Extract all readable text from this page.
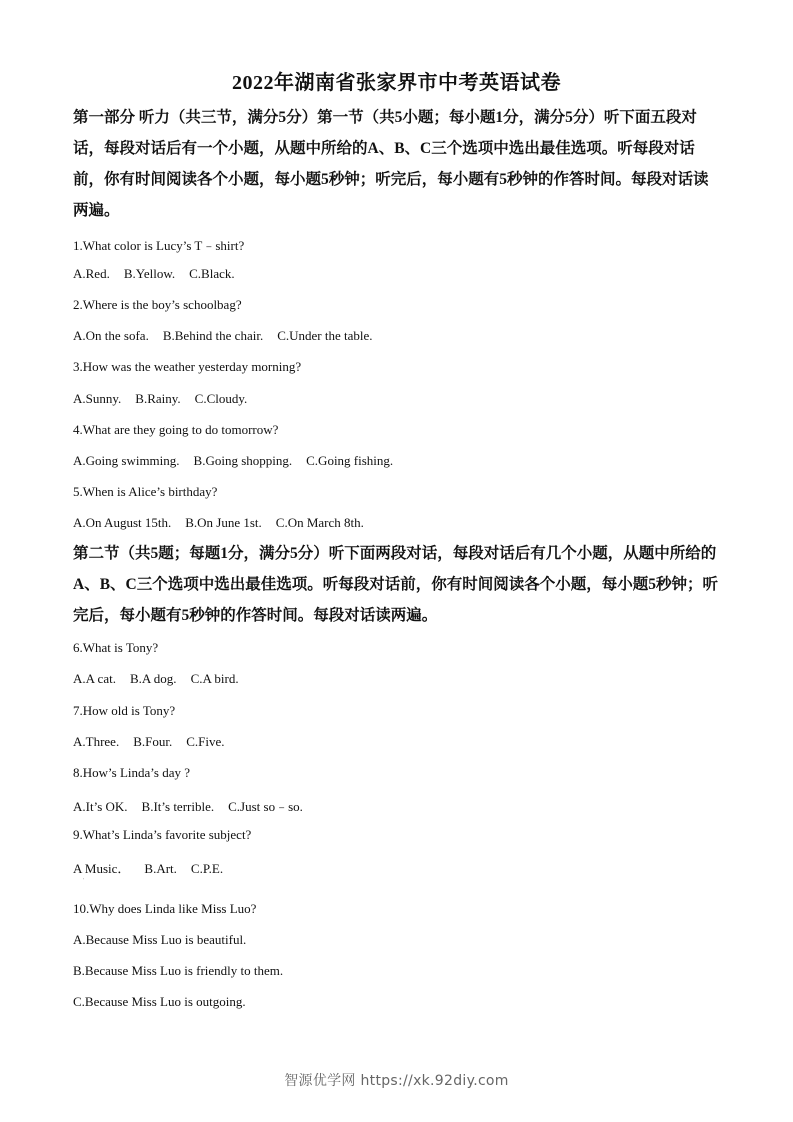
2022年湖南省张家界市中考英语试卷
第一部分 听力（共三节，满分5分）第一节（共5小题；每小题1分，满分5分）听下面五段对话，每段对话后有一个小题，从题中所给的A、B、C三个选项中选出最佳选项。听每段对话前，你有时间阅读各个小题，每小题5秒钟；听完后，每小题有5秒钟的作答时间。每段对话读两遍。
1.What color is Lucy’s T﹣shirt?
A.Red. B.Yellow. C.Black.
2.Where is the boy’s schoolbag?
A.On the sofa. B.Behind the chair. C.Under the table.
3.How was the weather yesterday morning?
A.Sunny. B.Rainy. C.Cloudy.
4.What are they going to do tomorrow?
A.Going swimming. B.Going shopping. C.Going fishing.
5.When is Alice’s birthday?
A.On August 15th. B.On June 1st. C.On March 8th.
第二节（共5题；每题1分，满分5分）听下面两段对话，每段对话后有几个小题，从题中所给的A、B、C三个选项中选出最佳选项。听每段对话前，你有时间阅读各个小题，每小题5秒钟；听完后，每小题有5秒钟的作答时间。每段对话读两遍。
6.What is Tony?
A.A cat. B.A dog. C.A bird.
7.How old is Tony?
A.Three. B.Four. C.Five.
8.How’s Linda’s day ?
A.It’s OK. B.It’s terrible. C.Just so﹣so.
9.What’s Linda’s favorite subject?
A Music． B.Art. C.P.E.
'
10.Why does Linda like Miss Luo?
A.Because Miss Luo is beautiful.
B.Because Miss Luo is friendly to them.
C.Because Miss Luo is outgoing.
智源优学网 https://xk.92diy.com
